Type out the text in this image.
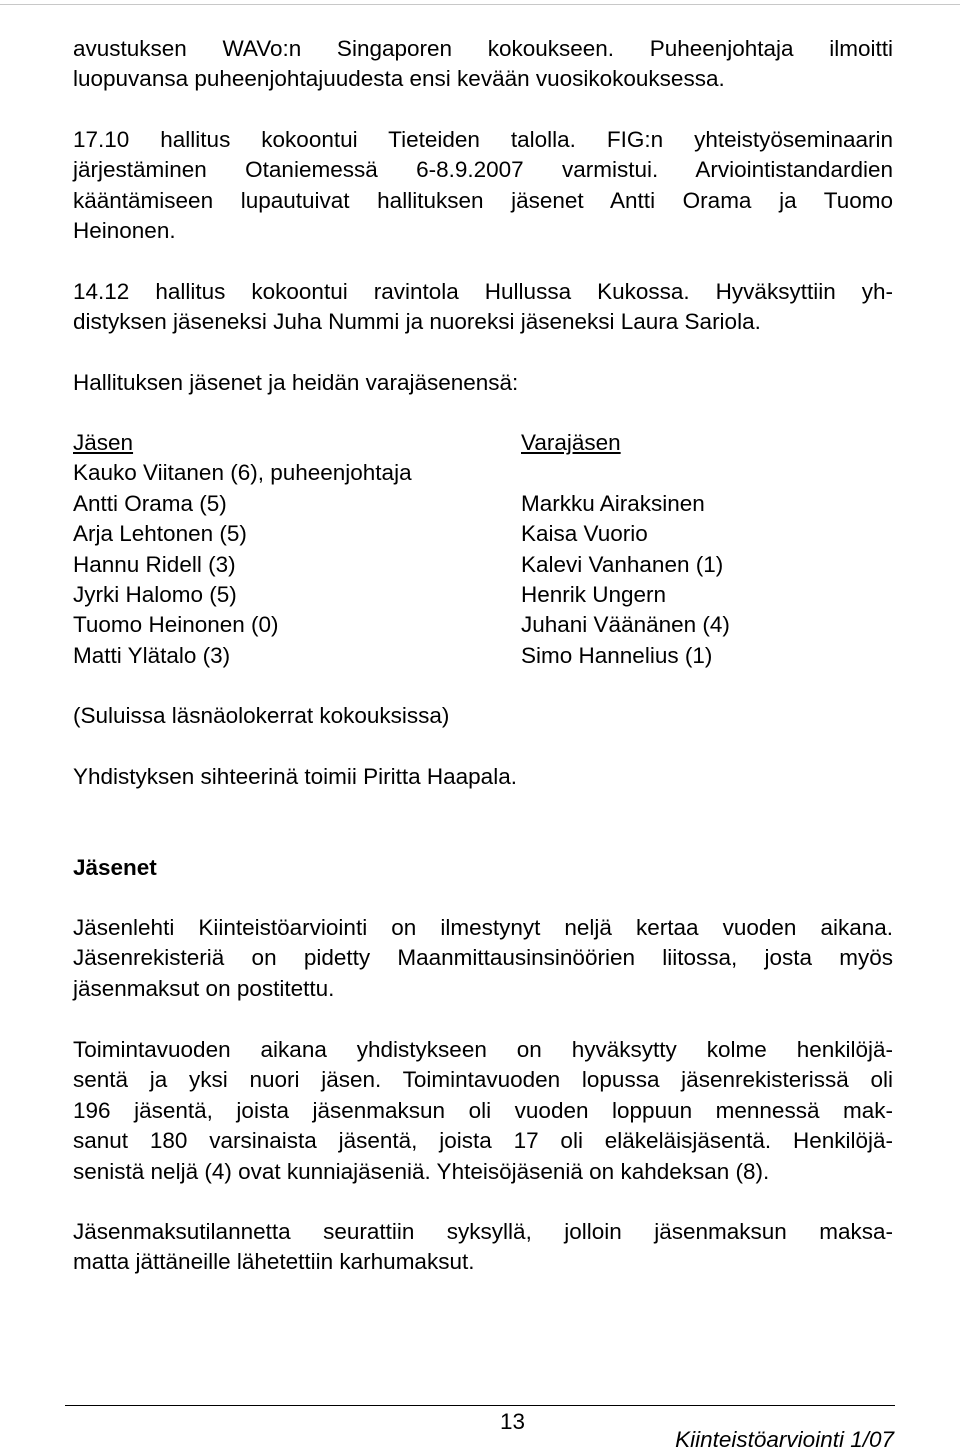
avustuksen WAVo:n Singaporen kokoukseen. Puheenjohtaja ilmoitti
luopuvansa puheenjohtajuudesta ensi kevään vuosikokouksessa.
17.10 hallitus kokoontui Tieteiden talolla. FIG:n yhteistyöseminaarin
järjestäminen Otaniemessä 6-8.9.2007 varmistui. Arviointistandardien
kääntämiseen lupautuivat hallituksen jäsenet Antti Orama ja Tuomo
Heinonen.
14.12 hallitus kokoontui ravintola Hullussa Kukossa. Hyväksyttiin yh-
distyksen jäseneksi Juha Nummi ja nuoreksi jäseneksi Laura Sariola.
Hallituksen jäsenet ja heidän varajäsenensä:
Jäsen	Varajäsen
Kauko Viitanen (6), puheenjohtaja
Antti Orama (5)	Markku Airaksinen
Arja Lehtonen (5)	Kaisa Vuorio
Hannu Ridell (3)	Kalevi Vanhanen (1)
Jyrki Halomo (5)	Henrik Ungern
Tuomo Heinonen (0)	Juhani Väänänen (4)
Matti Ylätalo (3)	Simo Hannelius (1)
(Suluissa läsnäolokerrat kokouksissa)
Yhdistyksen sihteerinä toimii Piritta Haapala.
Jäsenet
Jäsenlehti Kiinteistöarviointi on ilmestynyt neljä kertaa vuoden aikana.
Jäsenrekisteriä on pidetty Maanmittausinsinöörien liitossa, josta myös
jäsenmaksut on postitettu.
Toimintavuoden aikana yhdistykseen on hyväksytty kolme henkilöjä-
sentä ja yksi nuori jäsen. Toimintavuoden lopussa jäsenrekisterissä oli
196 jäsentä, joista jäsenmaksun oli vuoden loppuun mennessä mak-
sanut 180 varsinaista jäsentä, joista 17 oli eläkeläisjäsentä. Henkilöjä-
senistä neljä (4) ovat kunniajäseniä. Yhteisöjäseniä on kahdeksan (8).
Jäsenmaksutilannetta seurattiin syksyllä, jolloin jäsenmaksun maksa-
matta jättäneille lähetettiin karhumaksut.
13
Kiinteistöarviointi 1/07
